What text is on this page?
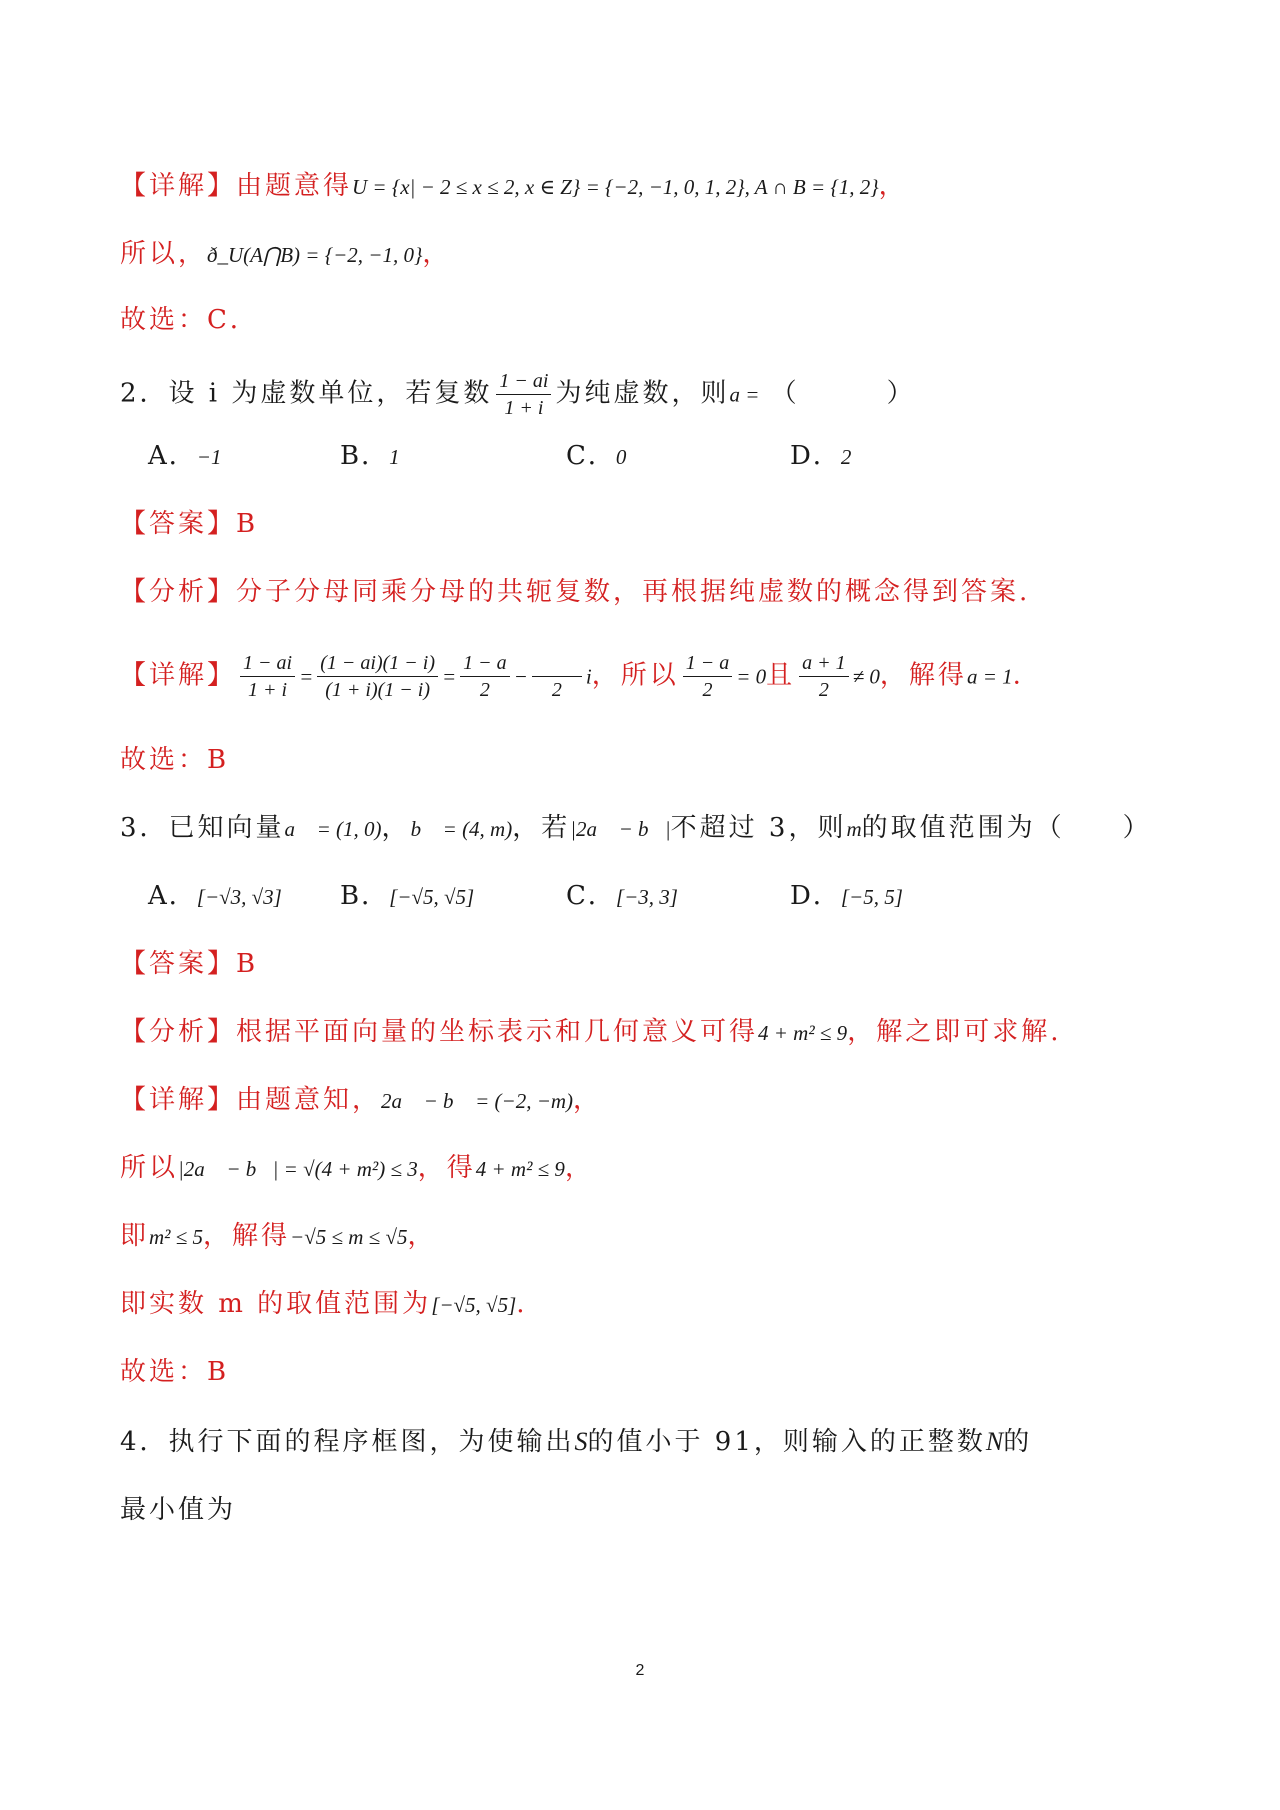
【详解】由题意得U = {x| − 2 ≤ x ≤ 2, x ∈ Z} = {−2, −1, 0, 1, 2}, A ∩ B = {1, 2}，
所以，ð_U(A⋂B) = {−2, −1, 0}，
故选：C．
2．设 i 为虚数单位，若复数 $\frac{1 - ai}{1 + i}$ 为纯虚数，则a = （　　　）
A．−1	B．1	C．0	D．2
【答案】B
【分析】分子分母同乘分母的共轭复数，再根据纯虚数的概念得到答案.
【详解】 $\frac{1 - ai}{1 + i} = \frac{(1 - ai)(1 - i)}{(1 + i)(1 - i)} = \frac{1 - a}{2}$ −
2
i，所以 $\frac{1 - a}{2} = 0$且 $\frac{a + 1}{2} \ne 0$，解得a = 1.
故选：B
3．已知向量a⃗ = (1, 0)，b⃗ = (4, m)，若|2a⃗ − b⃗|不超过 3，则m的取值范围为（　　）
A．[−√3, √3] B．[−√5, √5]	C．[−3, 3]	D．[−5, 5]
【答案】B
【分析】根据平面向量的坐标表示和几何意义可得4 + m² ≤ 9，解之即可求解.
【详解】由题意知，2a⃗ − b⃗ = (−2, −m)，
所以|2a⃗ − b⃗| = √(4 + m²) ≤ 3，得4 + m² ≤ 9，
即m² ≤ 5，解得−√5 ≤ m ≤ √5，
即实数 m 的取值范围为[−√5, √5].
故选：B
4．执行下面的程序框图，为使输出S的值小于 91，则输入的正整数N的
最小值为
2
